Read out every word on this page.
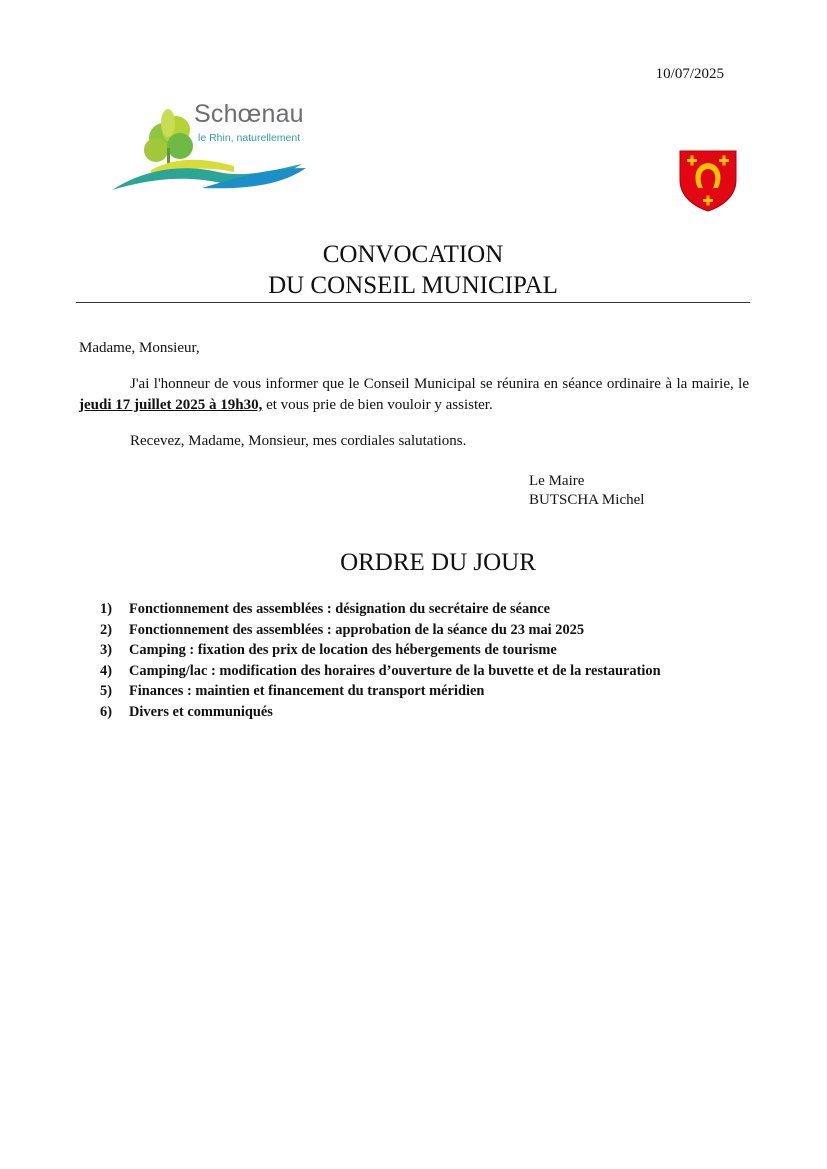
10/07/2025
Schœnau
le Rhin, naturellement
CONVOCATION
DU CONSEIL MUNICIPAL
Madame, Monsieur,
J'ai l'honneur de vous informer que le Conseil Municipal se réunira en séance ordinaire à la mairie, le jeudi 17 juillet 2025 à 19h30, et vous prie de bien vouloir y assister.
Recevez, Madame, Monsieur, mes cordiales salutations.
Le Maire
BUTSCHA Michel
ORDRE DU JOUR
1) Fonctionnement des assemblées : désignation du secrétaire de séance
2) Fonctionnement des assemblées : approbation de la séance du 23 mai 2025
3) Camping : fixation des prix de location des hébergements de tourisme
4) Camping/lac : modification des horaires d’ouverture de la buvette et de la restauration
5) Finances : maintien et financement du transport méridien
6) Divers et communiqués
